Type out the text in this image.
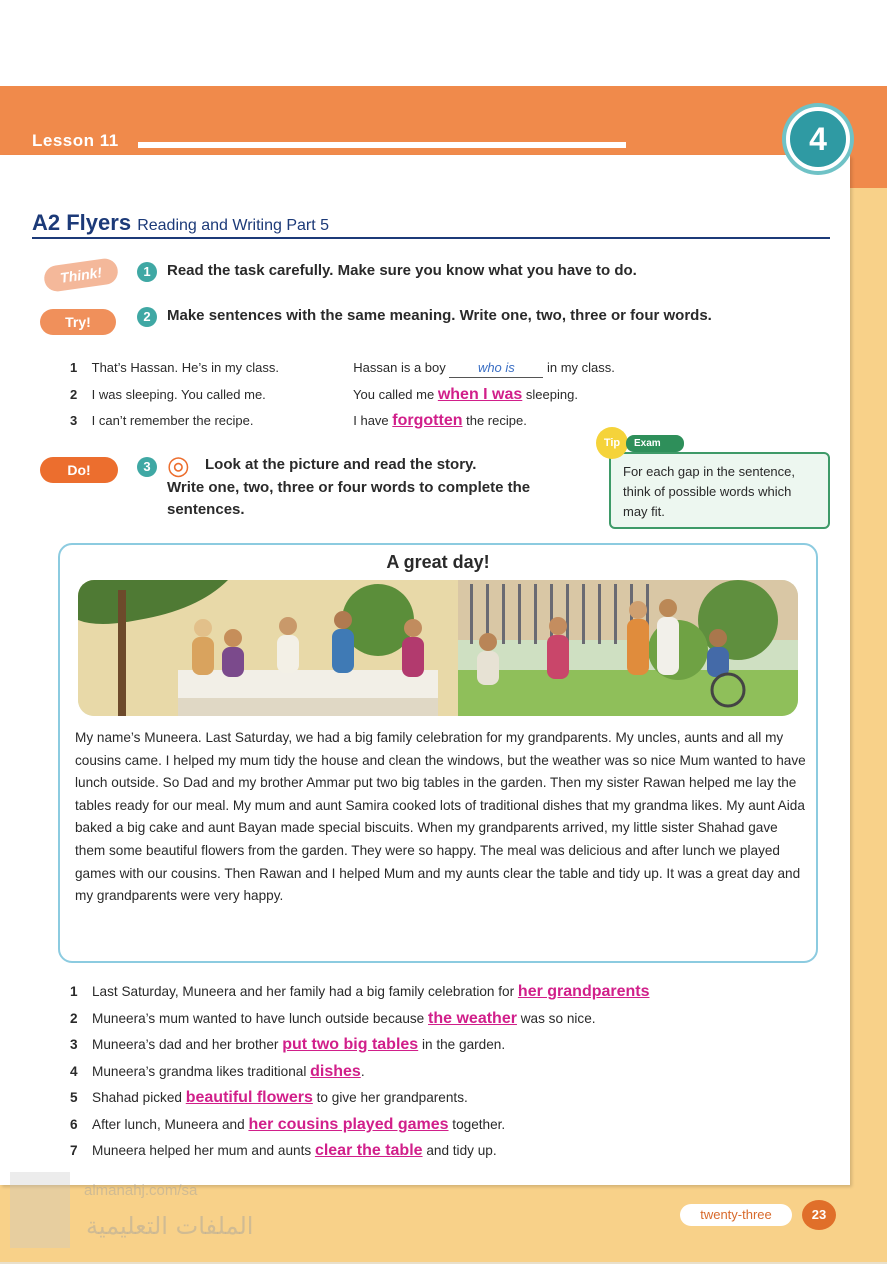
Lesson 11	4
A2 Flyers Reading and Writing Part 5
Think!	1	Read the task carefully. Make sure you know what you have to do.
Try!	2	Make sentences with the same meaning. Write one, two, three or four words.
1 That’s Hassan. He’s in my class.	Hassan is a boy who is in my class.
2 I was sleeping. You called me.	You called me when I was sleeping.
3 I can’t remember the recipe.	I have forgotten the recipe.
Do!	3 ◎	Look at the picture and read the story.
Write one, two, three or four words to complete the sentences.
For each gap in the sentence, think of possible words which may fit.
Tip	Exam
A great day!
My name’s Muneera. Last Saturday, we had a big family celebration for my grandparents. My uncles, aunts and all my cousins came. I helped my mum tidy the house and clean the windows, but the weather was so nice Mum wanted to have lunch outside. So Dad and my brother Ammar put two big tables in the garden. Then my sister Rawan helped me lay the tables ready for our meal. My mum and aunt Samira cooked lots of traditional dishes that my grandma likes. My aunt Aida baked a big cake and aunt Bayan made special biscuits. When my grandparents arrived, my little sister Shahad gave them some beautiful flowers from the garden. They were so happy. The meal was delicious and after lunch we played games with our cousins. Then Rawan and I helped Mum and my aunts clear the table and tidy up. It was a great day and my grandparents were very happy.
1 Last Saturday, Muneera and her family had a big family celebration for her grandparents
2 Muneera’s mum wanted to have lunch outside because the weather was so nice.
3 Muneera’s dad and her brother put two big tables in the garden.
4 Muneera’s grandma likes traditional dishes.
5 Shahad picked beautiful flowers to give her grandparents.
6 After lunch, Muneera and her cousins played games together.
7 Muneera helped her mum and aunts clear the table and tidy up.
almanahj.com/sa
الملفات التعليمية	twenty-three	23
